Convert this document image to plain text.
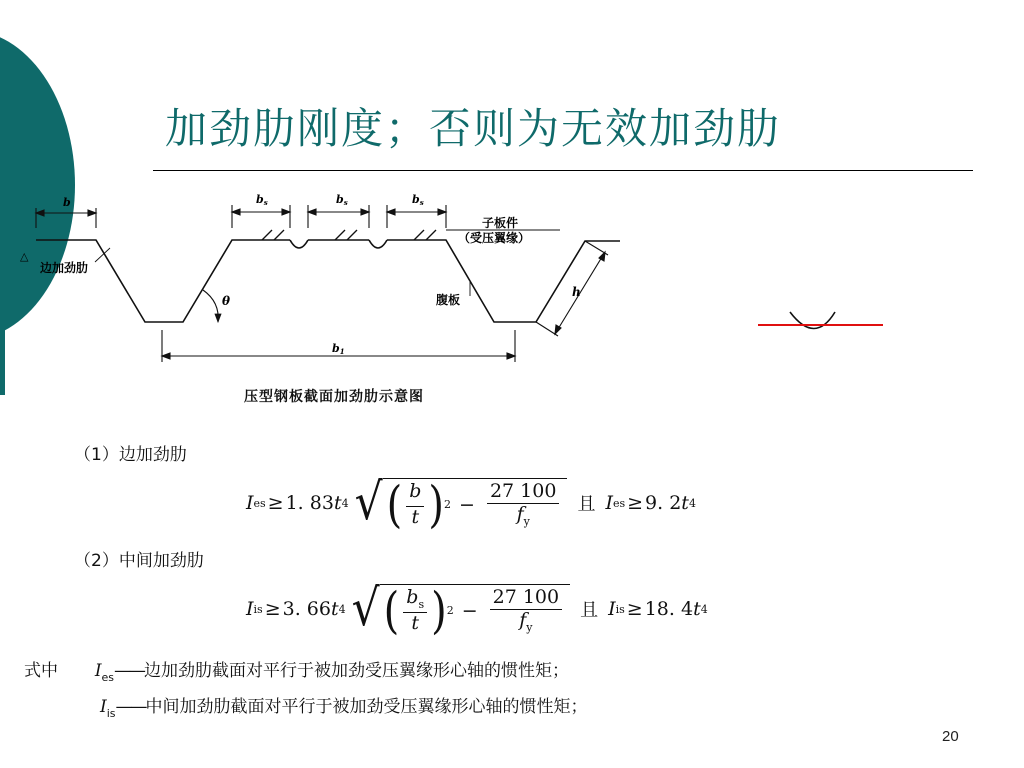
加劲肋刚度；否则为无效加劲肋
b	bs	bs	bs
b1
h
θ
△
边加劲肋
子板件
（受压翼缘）
腹板
压型钢板截面加劲肋示意图
（1）边加劲肋
I es ≥ 1. 83 t 4 √ ( $\frac{b}{t}$ ) $2 - \frac{27 100}{f_y}$ 且 I es ≥ 9. 2 t 4
（2）中间加劲肋
I is ≥ 3. 66 t 4 √ ( $\frac{b_s}{t}$ ) $2 - \frac{27 100}{f_y}$ 且 I is ≥ 18. 4 t 4
式中 $I_{es}——$边加劲肋截面对平行于被加劲受压翼缘形心轴的惯性矩；
$I_{is}——$中间加劲肋截面对平行于被加劲受压翼缘形心轴的惯性矩；
20
